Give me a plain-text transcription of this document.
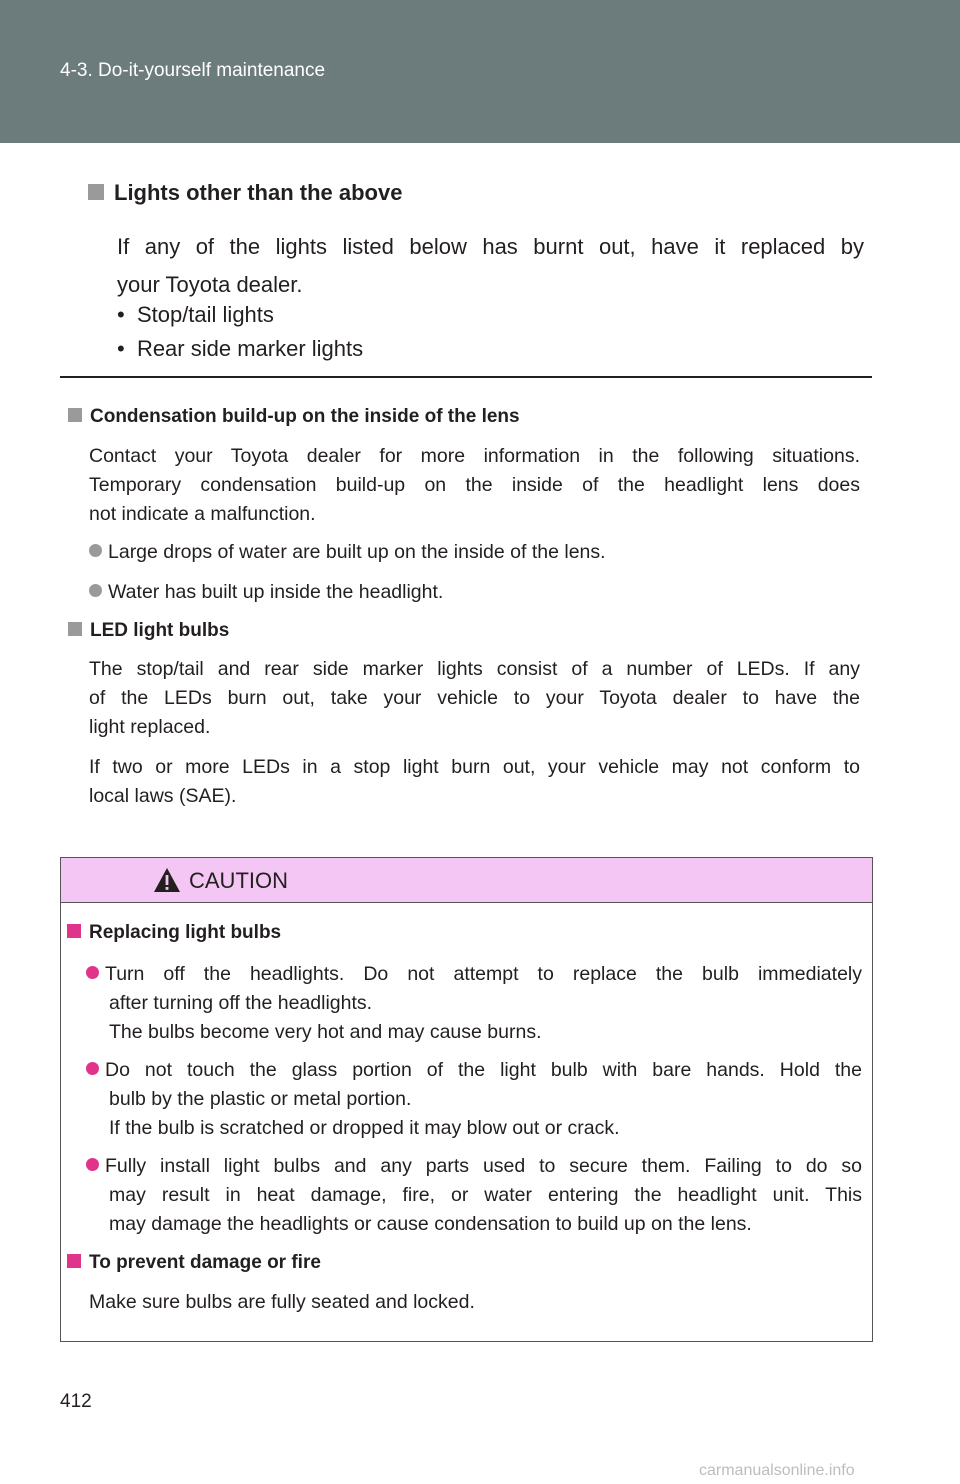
4-3. Do-it-yourself maintenance
Lights other than the above
If any of the lights listed below has burnt out, have it replaced by
your Toyota dealer.
•  Stop/tail lights
•  Rear side marker lights
Condensation build-up on the inside of the lens
Contact your Toyota dealer for more information in the following situations.
Temporary condensation build-up on the inside of the headlight lens does
not indicate a malfunction.
Large drops of water are built up on the inside of the lens.
Water has built up inside the headlight.
LED light bulbs
The stop/tail and rear side marker lights consist of a number of LEDs. If any
of the LEDs burn out, take your vehicle to your Toyota dealer to have the
light replaced.
If two or more LEDs in a stop light burn out, your vehicle may not conform to
local laws (SAE).
CAUTION
Replacing light bulbs
Turn off the headlights. Do not attempt to replace the bulb immediately
after turning off the headlights.
The bulbs become very hot and may cause burns.
Do not touch the glass portion of the light bulb with bare hands. Hold the
bulb by the plastic or metal portion.
If the bulb is scratched or dropped it may blow out or crack.
Fully install light bulbs and any parts used to secure them. Failing to do so
may result in heat damage, fire, or water entering the headlight unit. This
may damage the headlights or cause condensation to build up on the lens.
To prevent damage or fire
Make sure bulbs are fully seated and locked.
412
carmanualsonline.info
